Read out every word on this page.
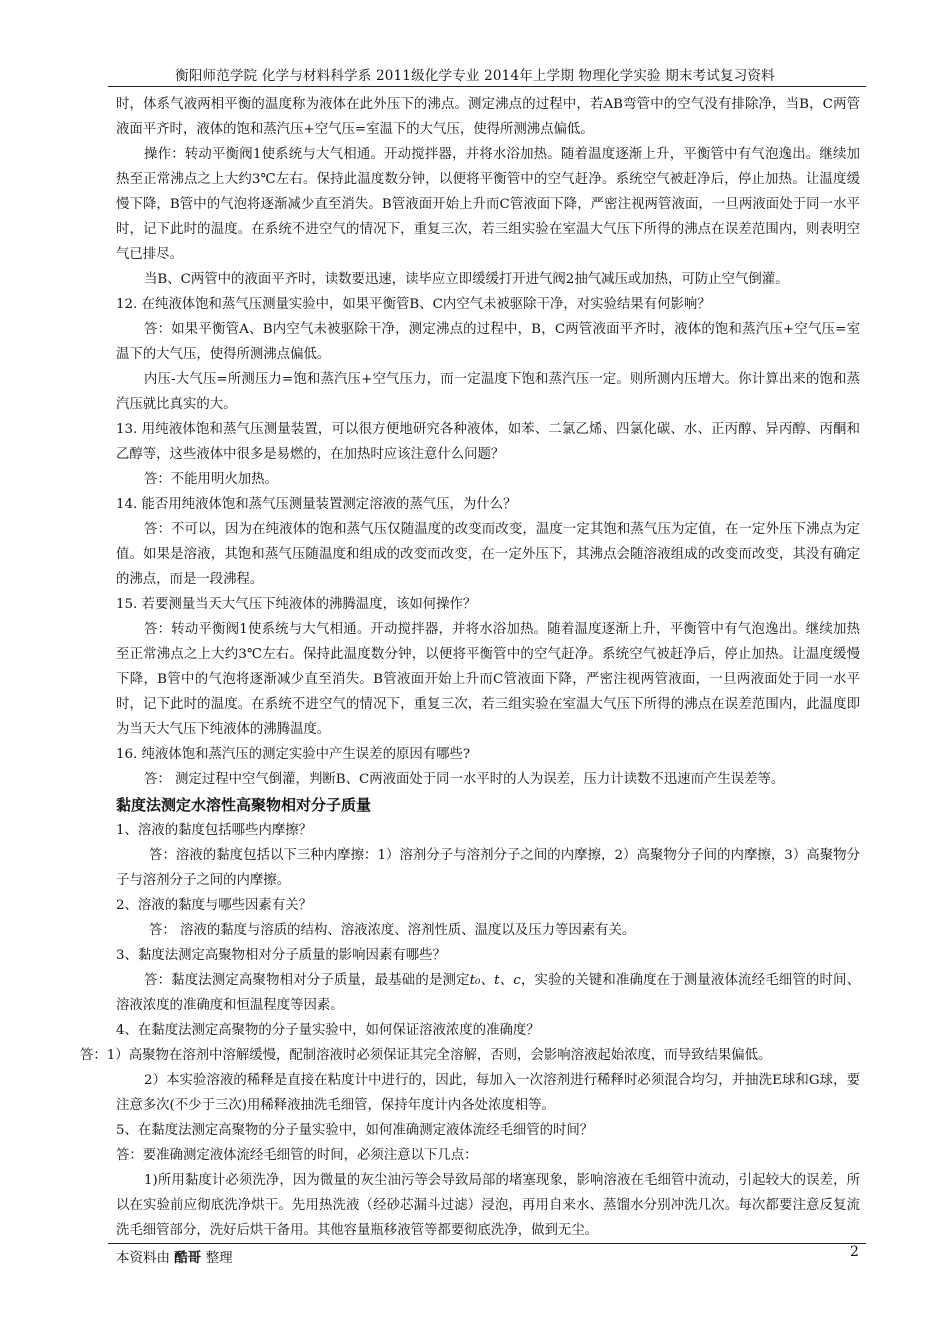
衡阳师范学院 化学与材料科学系 2011级化学专业 2014年上学期 物理化学实验 期末考试复习资料

时，体系气液两相平衡的温度称为液体在此外压下的沸点。测定沸点的过程中，若AB弯管中的空气没有排除净，当B，C两管液面平齐时，液体的饱和蒸汽压+空气压=室温下的大气压，使得所测沸点偏低。

操作：转动平衡阀1使系统与大气相通。开动搅拌器，并将水浴加热。随着温度逐渐上升，平衡管中有气泡逸出。继续加热至正常沸点之上大约3℃左右。保持此温度数分钟，以便将平衡管中的空气赶净。系统空气被赶净后，停止加热。让温度缓慢下降，B管中的气泡将逐渐减少直至消失。B管液面开始上升而C管液面下降，严密注视两管液面，一旦两液面处于同一水平时，记下此时的温度。在系统不进空气的情况下，重复三次，若三组实验在室温大气压下所得的沸点在误差范围内，则表明空气已排尽。

当B、C两管中的液面平齐时，读数要迅速，读毕应立即缓缓打开进气阀2抽气减压或加热，可防止空气倒灌。

12. 在纯液体饱和蒸气压测量实验中，如果平衡管B、C内空气未被驱除干净，对实验结果有何影响？

答：如果平衡管A、B内空气未被驱除干净，测定沸点的过程中，B，C两管液面平齐时，液体的饱和蒸汽压+空气压=室温下的大气压，使得所测沸点偏低。

内压-大气压=所测压力=饱和蒸汽压+空气压力，而一定温度下饱和蒸汽压一定。则所测内压增大。你计算出来的饱和蒸汽压就比真实的大。

13. 用纯液体饱和蒸气压测量装置，可以很方便地研究各种液体，如苯、二氯乙烯、四氯化碳、水、正丙醇、异丙醇、丙酮和乙醇等，这些液体中很多是易燃的，在加热时应该注意什么问题？

答：不能用明火加热。

14. 能否用纯液体饱和蒸气压测量装置测定溶液的蒸气压，为什么？

答：不可以，因为在纯液体的饱和蒸气压仅随温度的改变而改变，温度一定其饱和蒸气压为定值，在一定外压下沸点为定值。如果是溶液，其饱和蒸气压随温度和组成的改变而改变，在一定外压下，其沸点会随溶液组成的改变而改变，其没有确定的沸点，而是一段沸程。

15. 若要测量当天大气压下纯液体的沸腾温度，该如何操作？

答：转动平衡阀1使系统与大气相通。开动搅拌器，并将水浴加热。随着温度逐渐上升，平衡管中有气泡逸出。继续加热至正常沸点之上大约3℃左右。保持此温度数分钟，以便将平衡管中的空气赶净。系统空气被赶净后，停止加热。让温度缓慢下降，B管中的气泡将逐渐减少直至消失。B管液面开始上升而C管液面下降，严密注视两管液面，一旦两液面处于同一水平时，记下此时的温度。在系统不进空气的情况下，重复三次，若三组实验在室温大气压下所得的沸点在误差范围内，此温度即为当天大气压下纯液体的沸腾温度。

16. 纯液体饱和蒸汽压的测定实验中产生误差的原因有哪些?

答： 测定过程中空气倒灌，判断B、C两液面处于同一水平时的人为误差，压力计读数不迅速而产生误差等。

黏度法测定水溶性高聚物相对分子质量

1、溶液的黏度包括哪些内摩擦？

答：溶液的黏度包括以下三种内摩擦：1）溶剂分子与溶剂分子之间的内摩擦，2）高聚物分子间的内摩擦，3）高聚物分子与溶剂分子之间的内摩擦。

2、溶液的黏度与哪些因素有关？

答： 溶液的黏度与溶质的结构、溶液浓度、溶剂性质、温度以及压力等因素有关。

3、黏度法测定高聚物相对分子质量的影响因素有哪些？

答：黏度法测定高聚物相对分子质量，最基础的是测定t₀、t、c，实验的关键和准确度在于测量液体流经毛细管的时间、溶液浓度的准确度和恒温程度等因素。

4、在黏度法测定高聚物的分子量实验中，如何保证溶液浓度的准确度？

答：1）高聚物在溶剂中溶解缓慢，配制溶液时必须保证其完全溶解，否则，会影响溶液起始浓度，而导致结果偏低。

2）本实验溶液的稀释是直接在粘度计中进行的，因此，每加入一次溶剂进行稀释时必须混合均匀，并抽洗E球和G球，要注意多次(不少于三次)用稀释液抽洗毛细管，保持年度计内各处浓度相等。

5、在黏度法测定高聚物的分子量实验中，如何准确测定液体流经毛细管的时间？

答：要准确测定液体流经毛细管的时间，必须注意以下几点：

1)所用黏度计必须洗净，因为微量的灰尘油污等会导致局部的堵塞现象，影响溶液在毛细管中流动，引起较大的误差，所以在实验前应彻底洗净烘干。先用热洗液（经砂芯漏斗过滤）浸泡，再用自来水、蒸馏水分别冲洗几次。每次都要注意反复流洗毛细管部分，洗好后烘干备用。其他容量瓶移液管等都要彻底洗净，做到无尘。

本资料由 酷哥 整理	2
